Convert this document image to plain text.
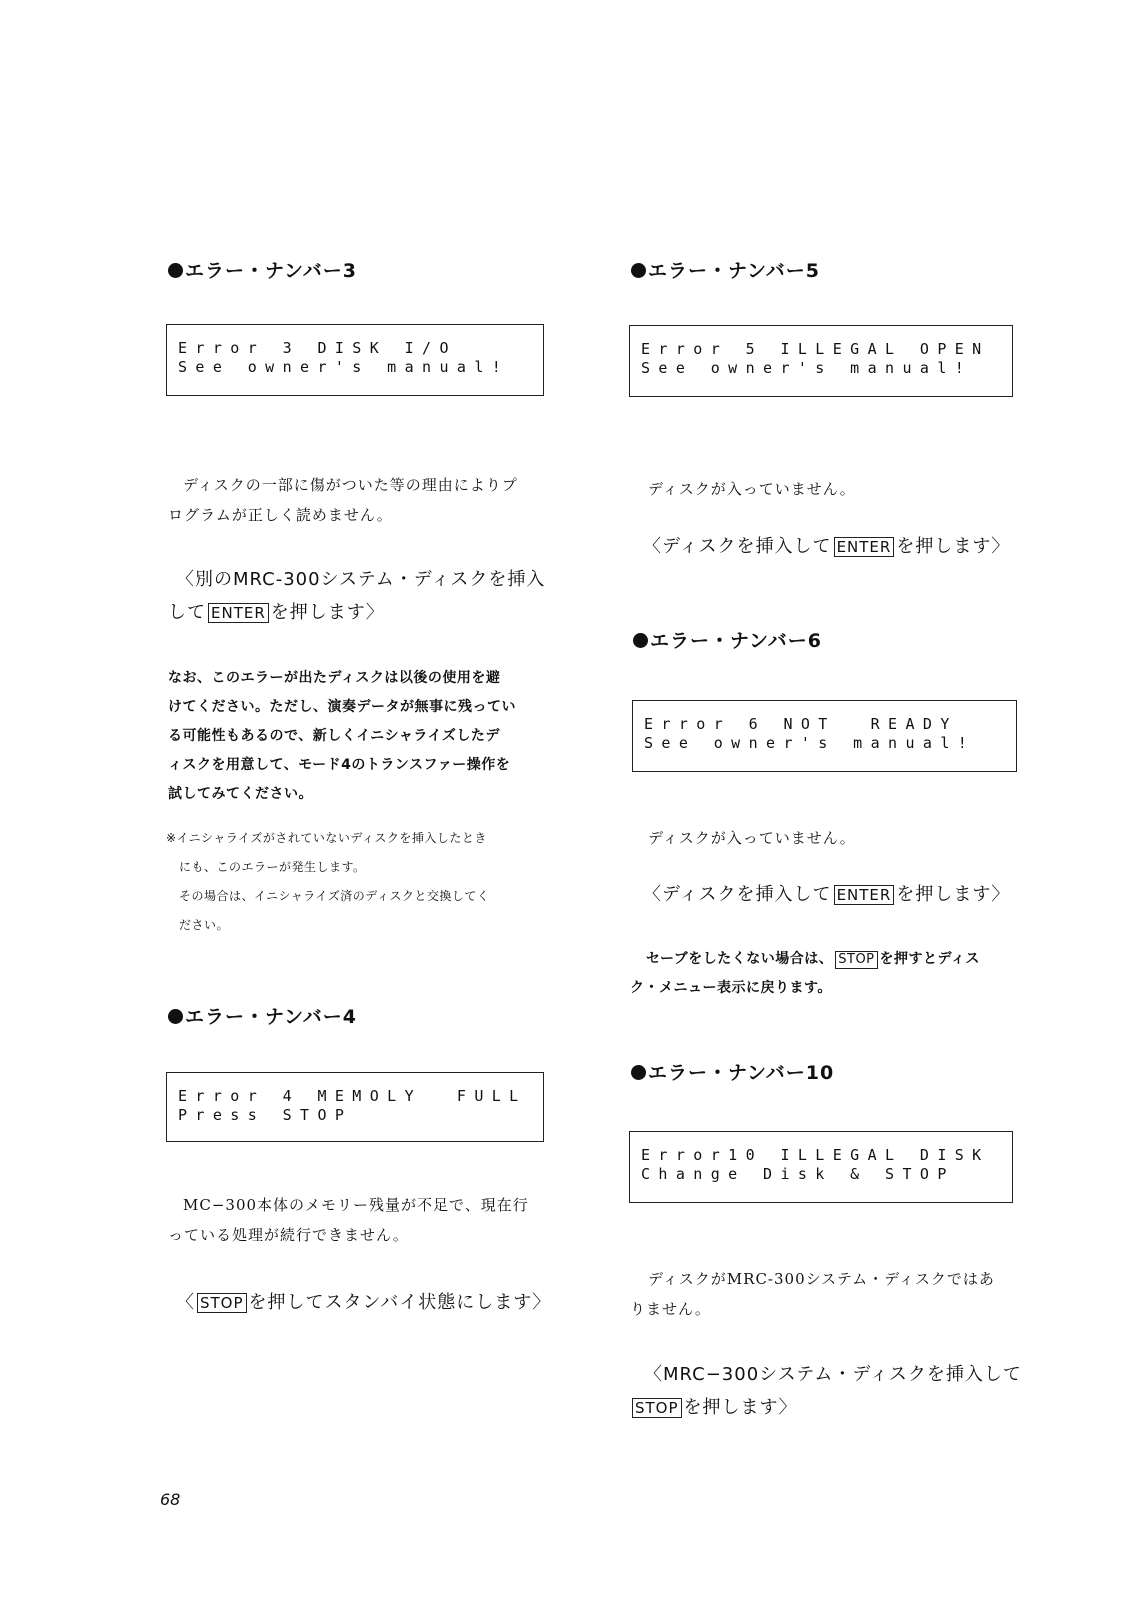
エラー・ナンバー3
Error 3 DISK I/O
See owner's manual!
ディスクの一部に傷がついた等の理由によりプ
ログラムが正しく読めません。
〈別のMRC-300システム・ディスクを挿入
して ENTER を押します〉
なお、このエラーが出たディスクは以後の使用を避
けてください。ただし、演奏データが無事に残ってい
る可能性もあるので、新しくイニシャライズしたデ
ィスクを用意して、モード4のトランスファー操作を
試してみてください。
※イニシャライズがされていないディスクを挿入したとき
にも、このエラーが発生します。
その場合は、イニシャライズ済のディスクと交換してく
ださい。
エラー・ナンバー4
Error 4 MEMOLY  FULL
Press STOP
MC−300本体のメモリー残量が不足で、現在行
っている処理が続行できません。
〈 STOP を押してスタンバイ状態にします〉
エラー・ナンバー5
Error 5 ILLEGAL OPEN
See owner's manual!
ディスクが入っていません。
〈ディスクを挿入して ENTER を押します〉
エラー・ナンバー6
Error 6 NOT  READY
See owner's manual!
ディスクが入っていません。
〈ディスクを挿入して ENTER を押します〉
セーブをしたくない場合は、 STOP を押すとディス
ク・メニュー表示に戻ります。
エラー・ナンバー10
Error10 ILLEGAL DISK
Change Disk & STOP
ディスクがMRC-300システム・ディスクではあ
りません。
〈MRC−300システム・ディスクを挿入して
STOP を押します〉
68
